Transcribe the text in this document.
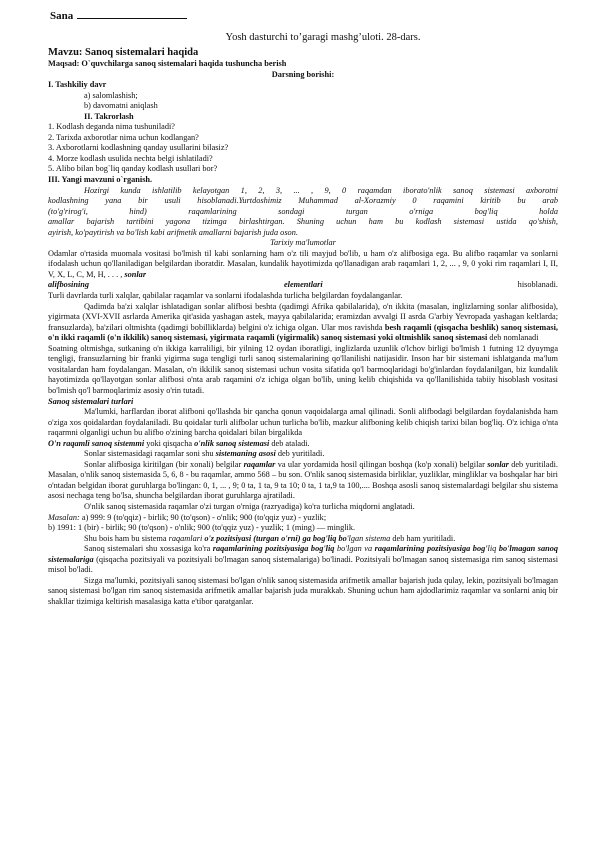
Sana

Yosh dasturchi to’garagi mashg’uloti. 28-dars.

Mavzu: Sanoq sistemalari haqida

Maqsad: O`quvchilarga sanoq sistemalari haqida tushuncha berish

Darsning borishi:

I. Tashkiliy davr

a) salomlashish;

b) davomatni aniqlash

II. Takrorlash

1. Kodlash deganda nima tushuniladi?

2. Tarixda axborotlar nima uchun kodlangan?

3. Axborotlarni kodlashning qanday usullarini bilasiz?

4. Morze kodlash usulida nechta belgi ishlatiladi?

5. Alibo bilan bog`liq qanday kodlash usullari bor?

III. Yangi mavzuni o`rganish.

Hozirgi kunda ishlatilib kelayotgan 1, 2, 3, ... , 9, 0 raqamdan iborato'nlik sanoq sistemasi axborotni

kodlashning yana bir usuli hisoblanadi.Yurtdoshimiz Muhammad al-Xorazmiy 0 raqamini kiritib bu arab

(to'g'rirog'i, hind) raqamlarining sondagi turgan o'rniga bog'liq holda

amallar bajarish tartibini yagona tizimga birlashtirgan. Shuning uchun ham bu kodlash sistemasi ustida qo'shish,

ayirish, ko'paytirish va bo'lish kabi arifmetik amallarni bajarish juda oson.

Tarixiy ma'lumotlar

Odamlar o'rtasida muomala vositasi bo'lmish til kabi sonlarning ham o'z tili mayjud bo'lib, u ham o'z alifbosiga ega. Bu alifbo raqamlar va sonlarni ifodalash uchun qo'llaniladigan belgilardan iboratdir. Masalan, kundalik hayotimizda qo'llanadigan arab raqamlari 1, 2, ... , 9, 0 yoki rim raqamlari I, II, V, X, L, C, M, H, . . . , sonlar

alifbosining	elementlari	hisoblanadi.

Turli davrlarda turli xalqlar, qabilalar raqamlar va sonlarni ifodalashda turlicha belgilardan foydalanganlar.

Qadimda ba'zi xalqlar ishlatadigan sonlar alifbosi beshta (qadimgi Afrika qabilalarida), o'n ikkita (masalan, inglizlarning sonlar alifbosida), yigirmata (XVI-XVII asrlarda Amerika qit'asida yashagan astek, mayya qabilalarida; eramizdan avvalgi II asrda G'arbiy Yevropada yashagan keltlarda; fransuzlarda), ba'zilari oltmishta (qadimgi bobilliklarda) belgini o'z ichiga olgan. Ular mos ravishda besh raqamli (qisqacha beshlik) sanoq sistemasi, o'n ikki raqamli (o'n ikkilik) sanoq sistemasi, yigirmata raqamli (yigirmalik) sanoq sistemasi yoki oltmishlik sanoq sistemasi deb nomlanadi

Soatning oltmishga, sutkaning o'n ikkiga karraliligi, bir yilning 12 oydan iboratligi, inglizlarda uzunlik o'lchov birligi bo'lmish 1 futning 12 dyuymga tengligi, fransuzlarning bir franki yigirma suga tengligi turli sanoq sistemalarining qo'llanilishi natijasidir. Inson har bir sistemani ishlatganda ma'lum vositalardan ham foydalangan. Masalan, o'n ikkilik sanoq sistemasi uchun vosita sifatida qo'l barmoqlaridagi bo'g'inlardan foydalanilgan, biz kundalik hayotimizda qo'llayotgan sonlar alifbosi o'nta arab raqamini o'z ichiga olgan bo'lib, uning kelib chiqishida va qo'llanilishida tabiiy hisoblash vositasi bo'lmish qo'l barmoqlarimiz asosiy o'rin tutadi.

Sanoq sistemalari turlari

Ma'lumki, harflardan iborat alifboni qo'llashda bir qancha qonun vaqoidalarga amal qilinadi. Sonli alifbodagi belgilardan foydalanishda ham o'ziga xos qoidalardan foydalaniladi. Bu qoidalar turli alifbolar uchun turlicha bo'lib, mazkur alifboning kelib chiqish tarixi bilan bog'liq. O'z ichiga o'nta raqarmni olganligi uchun bu alifbo o'zining barcha qoidalari bilan birgalikda

O'n raqamli sanoq sistemmi yoki qisqacha o'nlik sanoq sistemasi deb ataladi.

Sonlar sistemasidagi raqamlar soni shu sistemaning asosi deb yuritiladi.

Sonlar alifbosiga kiritilgan (bir xonali) belgilar raqamlar va ular yordamida hosil qilingan boshqa (ko'p xonali) belgilar sonlar deb yuritiladi. Masalan, o'nlik sanoq sistemasida 5, 6, 8 - bu raqamlar, ammo 568 – bu son. O'nlik sanoq sistemasida birliklar, yuzliklar, mingliklar va boshqalar har biri o'ntadan belgidan iborat guruhlarga bo'lingan: 0, 1, ... , 9; 0 ta, 1 ta, 9 ta 10; 0 ta, 1 ta,9 ta 100,.... Boshqa asosli sanoq sistemalardagi belgilar shu sistema asosi nechaga teng bo'lsa, shuncha belgilardan iborat guruhlarga ajratiladi.

O'nlik sanoq sistemasida raqamlar o'zi turgan o'rniga (razryadiga) ko'ra turlicha miqdorni anglatadi.

Masalan: a) 999: 9 (to'qqiz) - birlik; 90 (to'qson) - o'nlik; 900 (to'qqiz yuz) - yuzlik;

b) 1991: 1 (bir) - birlik; 90 (to'qson) - o'nlik; 900 (to'qqiz yuz) - yuzlik; 1 (ming) — minglik.

Shu bois ham bu sistema raqamlari o'z pozitsiyasi (turgan o'rni) ga bog'liq bo'lgan sistema deb ham yuritiladi.

Sanoq sistemalari shu xossasiga ko'ra raqamlarining pozitsiyasiga bog'liq bo'lgan va raqamlarining pozitsiyasiga bog'liq bo'lmagan sanoq sistemalariga (qisqacha pozitsiyali va pozitsiyali bo'lmagan sanoq sistemalariga) bo'linadi. Pozitsiyali bo'lmagan sanoq sistemasiga rim sanoq sistemasi misol bo'ladi.

Sizga ma'lumki, pozitsiyali sanoq sistemasi bo'lgan o'nlik sanoq sistemasida arifmetik amallar bajarish juda qulay, lekin, pozitsiyali bo'lmagan sanoq sistemasi bo'lgan rim sanoq sistemasida arifmetik amallar bajarish juda murakkab. Shuning uchun ham ajdodlarimiz raqamlar va sonlarni aniq bir shakllar tizimiga keltirish masalasiga katta e'tibor qaratganlar.
